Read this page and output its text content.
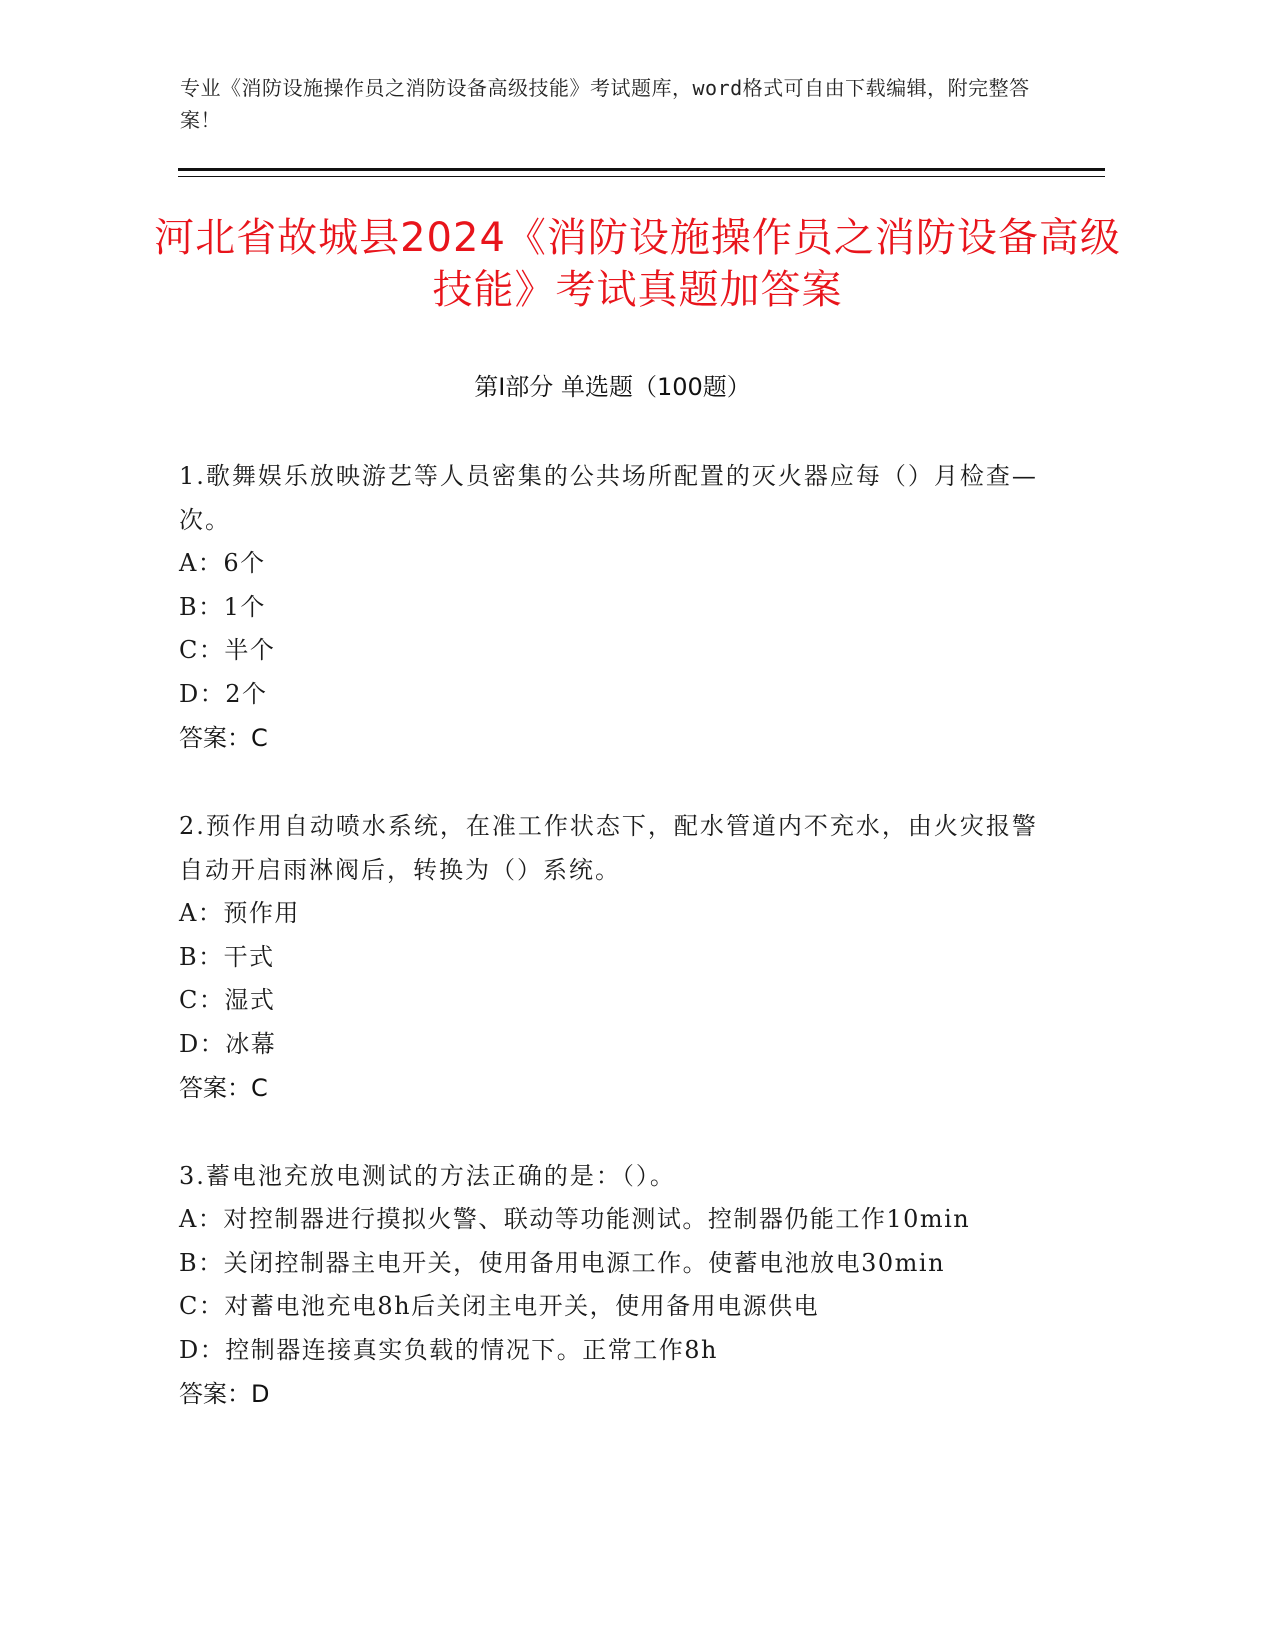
专业《消防设施操作员之消防设备高级技能》考试题库，word格式可自由下载编辑，附完整答案！
河北省故城县2024《消防设施操作员之消防设备高级技能》考试真题加答案
第Ⅰ部分 单选题（100题）
1.歌舞娱乐放映游艺等人员密集的公共场所配置的灭火器应每（）月检查—次。
A：6个
B：1个
C：半个
D：2个
答案：C
2.预作用自动喷水系统，在准工作状态下，配水管道内不充水，由火灾报警自动开启雨淋阀后，转换为（）系统。
A：预作用
B：干式
C：湿式
D：冰幕
答案：C
3.蓄电池充放电测试的方法正确的是：（）。
A：对控制器进行摸拟火警、联动等功能测试。控制器仍能工作10min
B：关闭控制器主电开关，使用备用电源工作。使蓄电池放电30min
C：对蓄电池充电8h后关闭主电开关，使用备用电源供电
D：控制器连接真实负载的情况下。正常工作8h
答案：D
